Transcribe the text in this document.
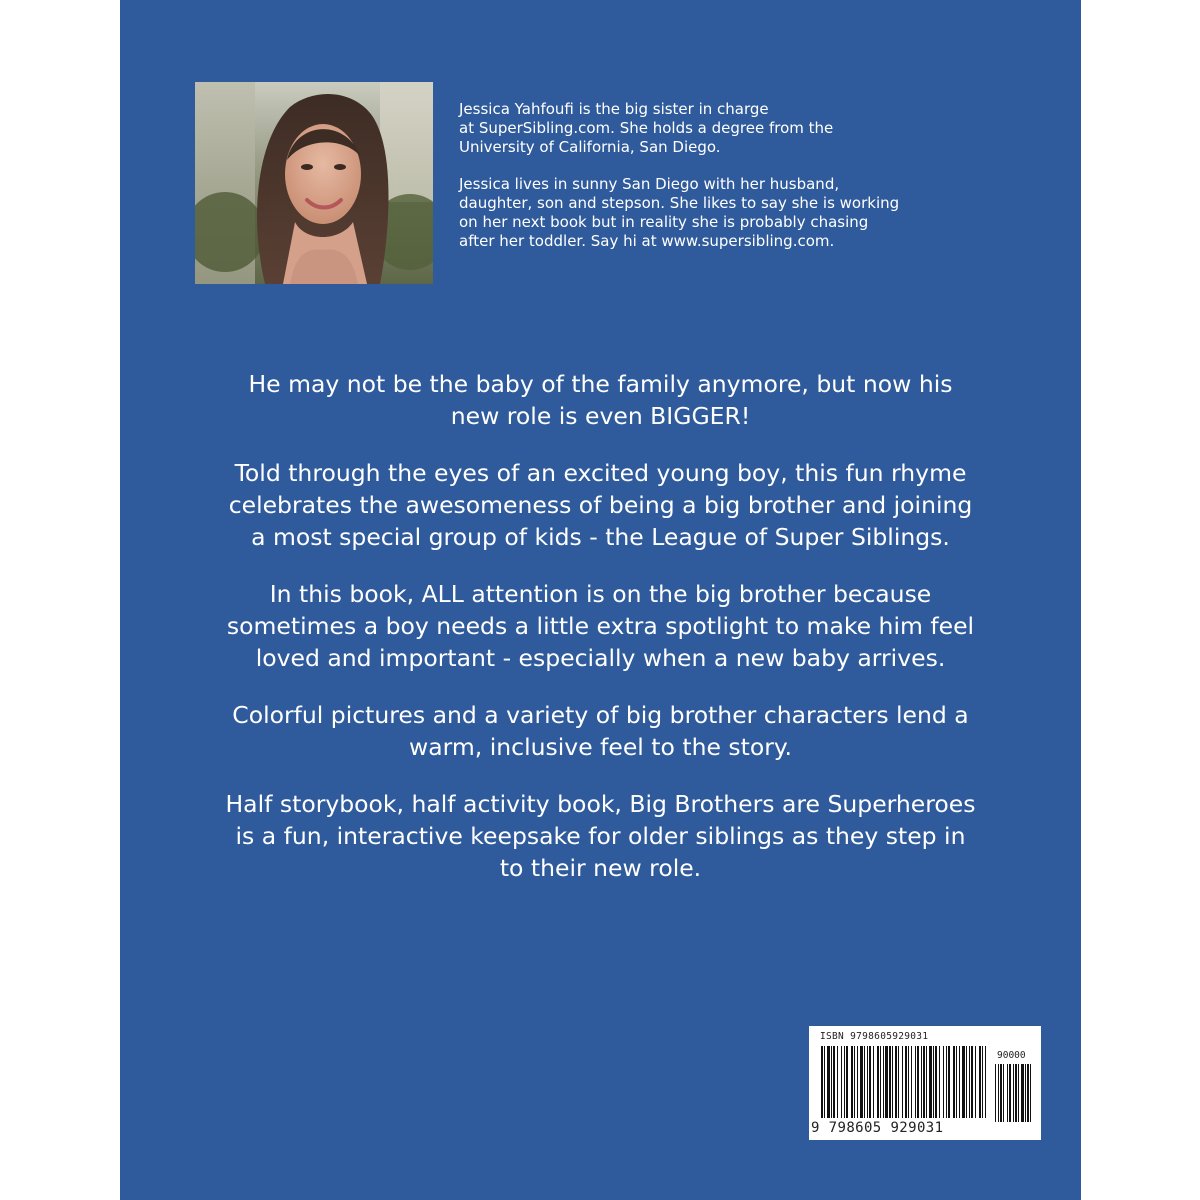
Jessica Yahfoufi is the big sister in charge
at SuperSibling.com. She holds a degree from the
University of California, San Diego.

Jessica lives in sunny San Diego with her husband,
daughter, son and stepson. She likes to say she is working
on her next book but in reality she is probably chasing
after her toddler. Say hi at www.supersibling.com.

He may not be the baby of the family anymore, but now his
new role is even BIGGER!

Told through the eyes of an excited young boy, this fun rhyme
celebrates the awesomeness of being a big brother and joining
a most special group of kids - the League of Super Siblings.

In this book, ALL attention is on the big brother because
sometimes a boy needs a little extra spotlight to make him feel
loved and important - especially when a new baby arrives.

Colorful pictures and a variety of big brother characters lend a
warm, inclusive feel to the story.

Half storybook, half activity book, Big Brothers are Superheroes
is a fun, interactive keepsake for older siblings as they step in
to their new role.

ISBN 9798605929031
90000
9 798605 929031
